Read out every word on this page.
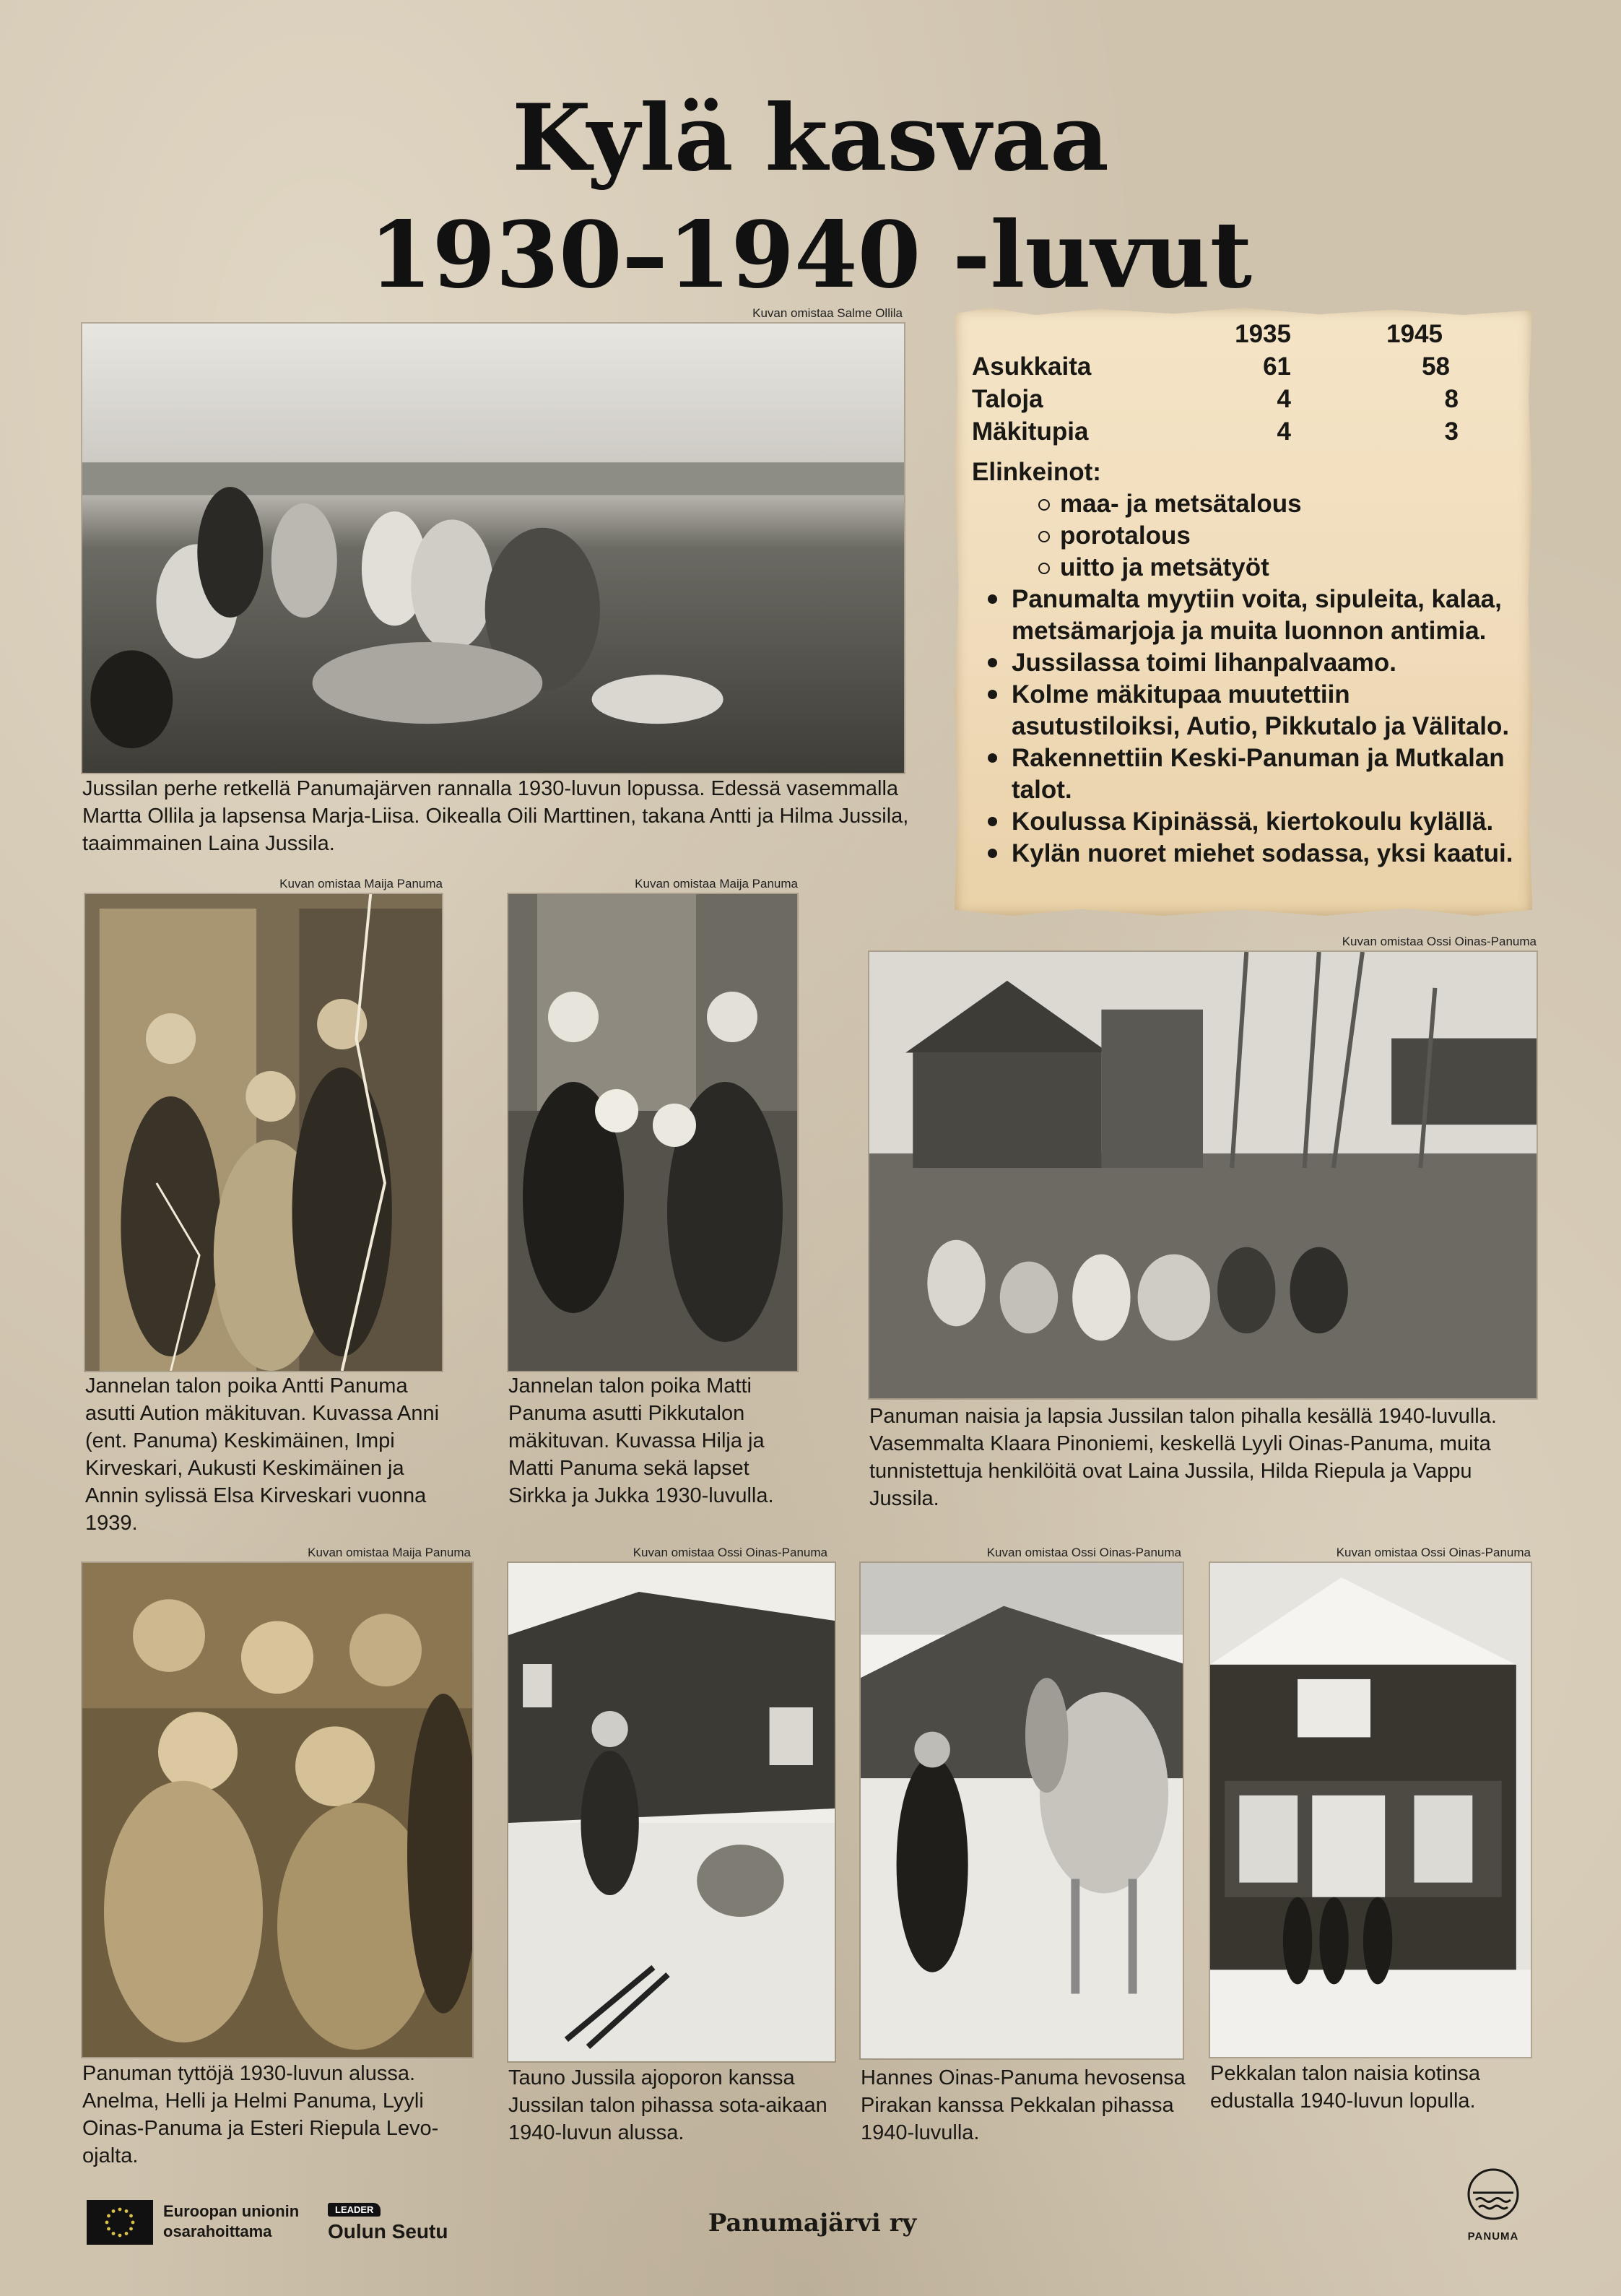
Kylä kasvaa
1930–1940 -luvut
Kuvan omistaa Salme Ollila
Jussilan perhe retkellä Panumajärven rannalla 1930-luvun lopussa. Edessä vasemmalla Martta Ollila ja lapsensa Marja-Liisa. Oikealla Oili Marttinen, takana Antti ja Hilma Jussila, taaimmainen Laina Jussila.
1935	1945
Asukkaita	61	58
Taloja	4	8
Mäkitupia	4	3
Elinkeinot:
maa- ja metsätalous
porotalous
uitto ja metsätyöt
Panumalta myytiin voita, sipuleita, kalaa, metsämarjoja ja muita luonnon antimia.
Jussilassa toimi lihanpalvaamo.
Kolme mäkitupaa muutettiin asutustiloiksi, Autio, Pikkutalo ja Välitalo.
Rakennettiin Keski-Panuman ja Mutkalan talot.
Koulussa Kipinässä, kiertokoulu kylällä.
Kylän nuoret miehet sodassa, yksi kaatui.
Kuvan omistaa Maija Panuma
Jannelan talon poika Antti Panuma asutti Aution mäkituvan. Kuvassa Anni (ent. Panuma) Keskimäinen, Impi Kirveskari, Aukusti Keskimäinen ja Annin sylissä Elsa Kirveskari vuonna 1939.
Kuvan omistaa Maija Panuma
Jannelan talon poika Matti Panuma asutti Pikkutalon mäkituvan. Kuvassa Hilja ja Matti Panuma sekä lapset Sirkka ja Jukka 1930-luvulla.
Kuvan omistaa Ossi Oinas-Panuma
Panuman naisia ja lapsia Jussilan talon pihalla kesällä 1940-luvulla. Vasemmalta Klaara Pinoniemi, keskellä Lyyli Oinas-Panuma, muita tunnistettuja henkilöitä ovat Laina Jussila, Hilda Riepula ja Vappu Jussila.
Kuvan omistaa Maija Panuma
Panuman tyttöjä 1930-luvun alussa. Anelma, Helli ja Helmi Panuma, Lyyli Oinas-Panuma ja Esteri Riepula Levo-ojalta.
Kuvan omistaa Ossi Oinas-Panuma
Tauno Jussila ajoporon kanssa Jussilan talon pihassa sota-aikaan 1940-luvun alussa.
Kuvan omistaa Ossi Oinas-Panuma
Hannes Oinas-Panuma hevosensa Pirakan kanssa Pekkalan pihassa 1940-luvulla.
Kuvan omistaa Ossi Oinas-Panuma
Pekkalan talon naisia kotinsa edustalla 1940-luvun lopulla.
Euroopan unionin
osarahoittama
LEADER
Oulun Seutu	Panumajärvi ry	PANUMA
